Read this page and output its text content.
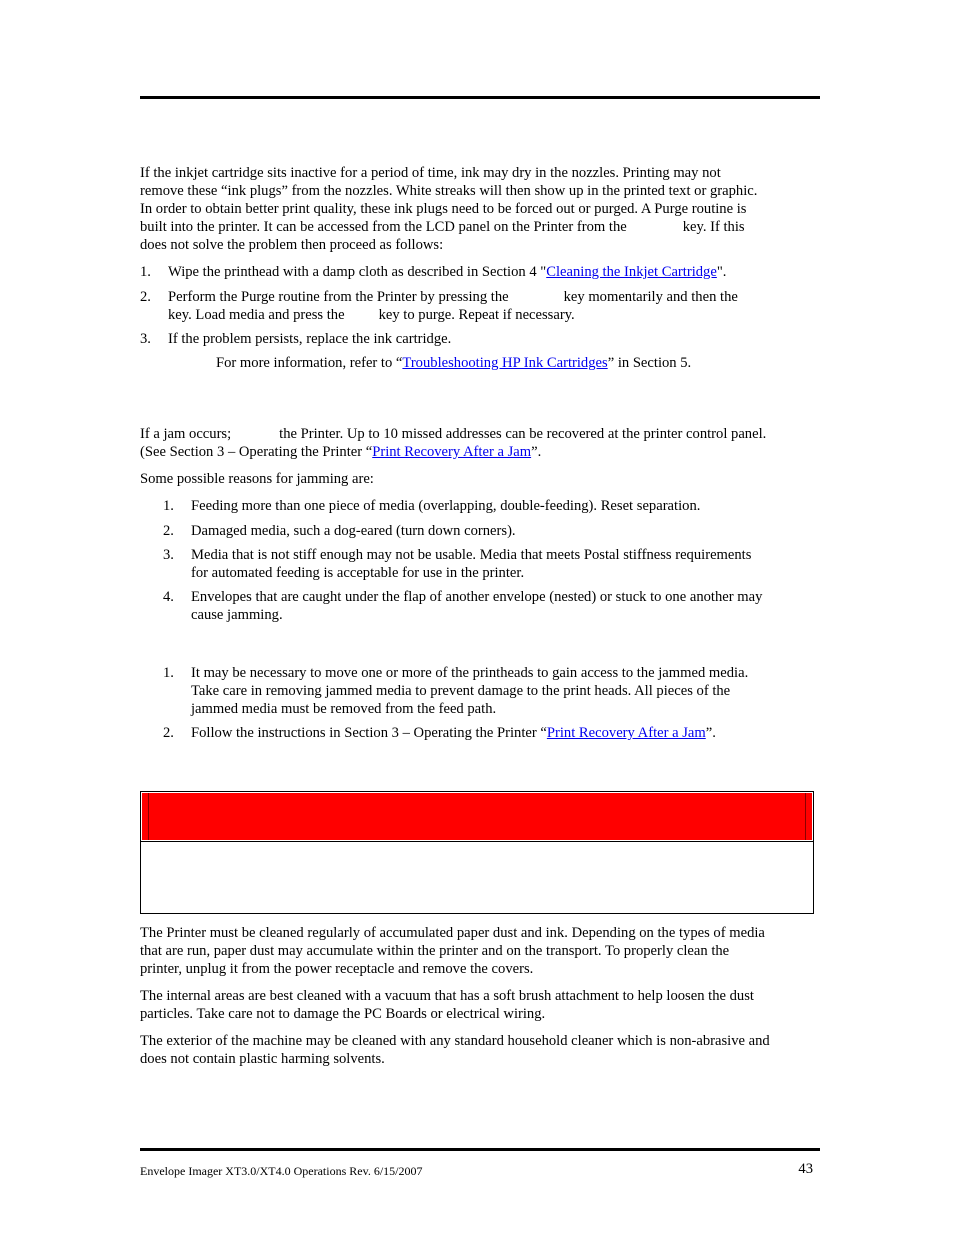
If the inkjet cartridge sits inactive for a period of time, ink may dry in the nozzles. Printing may not
remove these “ink plugs” from the nozzles. White streaks will then show up in the printed text or graphic.
In order to obtain better print quality, these ink plugs need to be forced out or purged. A Purge routine is
built into the printer. It can be accessed from the LCD panel on the Printer from the	key. If this
does not solve the problem then proceed as follows:
1. Wipe the printhead with a damp cloth as described in Section 4 "Cleaning the Inkjet Cartridge".
2. Perform the Purge routine from the Printer by pressing the	key momentarily and then the
key. Load media and press the key to purge. Repeat if necessary.
3. If the problem persists, replace the ink cartridge.
For more information, refer to “Troubleshooting HP Ink Cartridges” in Section 5.
If a jam occurs;	the Printer. Up to 10 missed addresses can be recovered at the printer control panel.
(See Section 3 – Operating the Printer “Print Recovery After a Jam”.
Some possible reasons for jamming are:
1. Feeding more than one piece of media (overlapping, double-feeding). Reset separation.
2. Damaged media, such a dog-eared (turn down corners).
3. Media that is not stiff enough may not be usable. Media that meets Postal stiffness requirements
for automated feeding is acceptable for use in the printer.
4. Envelopes that are caught under the flap of another envelope (nested) or stuck to one another may
cause jamming.
1. It may be necessary to move one or more of the printheads to gain access to the jammed media.
Take care in removing jammed media to prevent damage to the print heads. All pieces of the
jammed media must be removed from the feed path.
2. Follow the instructions in Section 3 – Operating the Printer “Print Recovery After a Jam”.
The Printer must be cleaned regularly of accumulated paper dust and ink. Depending on the types of media
that are run, paper dust may accumulate within the printer and on the transport. To properly clean the
printer, unplug it from the power receptacle and remove the covers.
The internal areas are best cleaned with a vacuum that has a soft brush attachment to help loosen the dust
particles. Take care not to damage the PC Boards or electrical wiring.
The exterior of the machine may be cleaned with any standard household cleaner which is non-abrasive and
does not contain plastic harming solvents.
Envelope Imager XT3.0/XT4.0 Operations Rev. 6/15/2007	43
